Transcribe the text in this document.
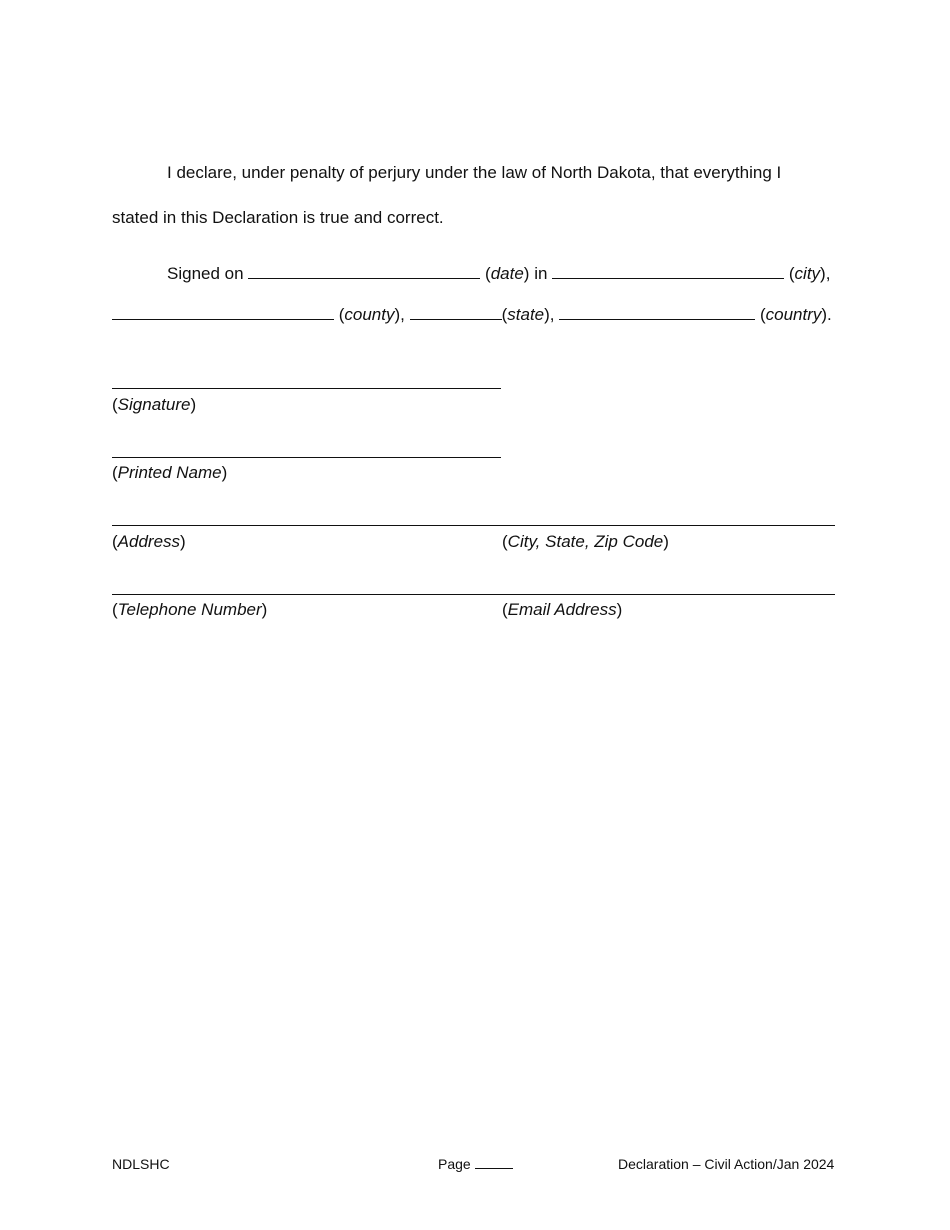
I declare, under penalty of perjury under the law of North Dakota, that everything I
stated in this Declaration is true and correct.
Signed on	(date) in	(city),
(county),	(state),	(country).
(Signature)
(Printed Name)
(Address)	(City, State, Zip Code)
(Telephone Number)	(Email Address)
NDLSHC	Page	Declaration – Civil Action/Jan 2024
